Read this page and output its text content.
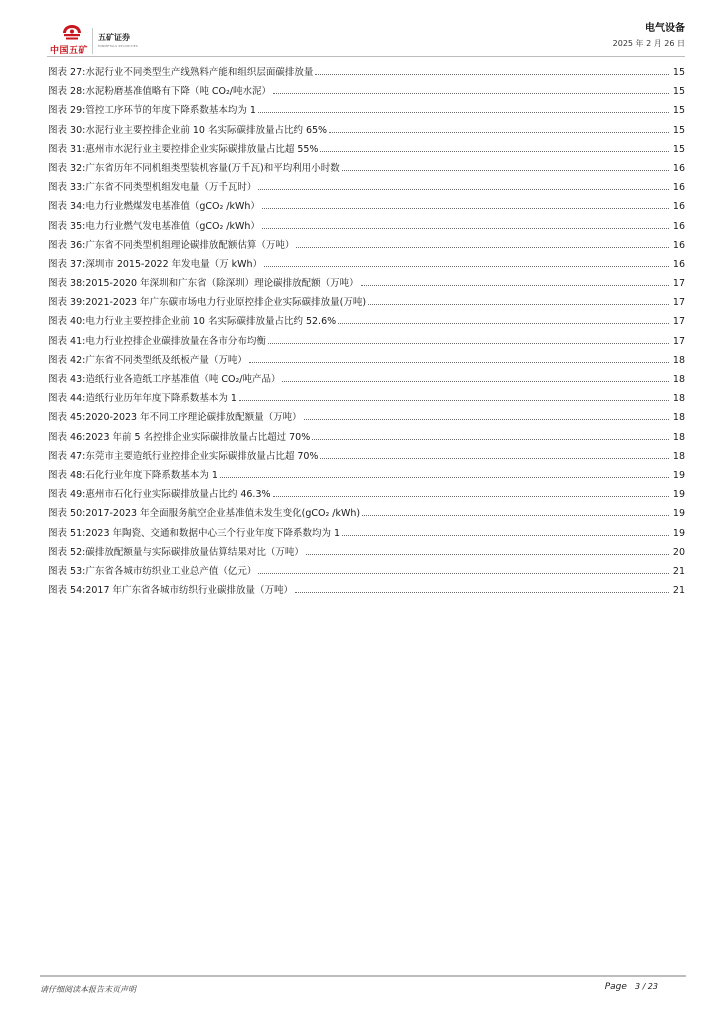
中国五矿
五矿证券
MINMETALS SECURITIES
电气设备
2025 年 2 月 26 日
图表 27: 水泥行业不同类型生产线熟料产能和组织层面碳排放量	15
图表 28: 水泥粉磨基准值略有下降（吨 CO₂/吨水泥）	15
图表 29: 管控工序环节的年度下降系数基本均为 1	15
图表 30: 水泥行业主要控排企业前 10 名实际碳排放量占比约 65%	15
图表 31: 惠州市水泥行业主要控排企业实际碳排放量占比超 55%	15
图表 32: 广东省历年不同机组类型装机容量(万千瓦)和平均利用小时数	16
图表 33: 广东省不同类型机组发电量（万千瓦时）	16
图表 34: 电力行业燃煤发电基准值（gCO₂ /kWh）	16
图表 35: 电力行业燃气发电基准值（gCO₂ /kWh）	16
图表 36: 广东省不同类型机组理论碳排放配额估算（万吨）	16
图表 37: 深圳市 2015-2022 年发电量（万 kWh）	16
图表 38: 2015-2020 年深圳和广东省（除深圳）理论碳排放配额（万吨）	17
图表 39: 2021-2023 年广东碳市场电力行业原控排企业实际碳排放量(万吨)	17
图表 40: 电力行业主要控排企业前 10 名实际碳排放量占比约 52.6%	17
图表 41: 电力行业控排企业碳排放量在各市分布均衡	17
图表 42: 广东省不同类型纸及纸板产量（万吨）	18
图表 43: 造纸行业各造纸工序基准值（吨 CO₂/吨产品）	18
图表 44: 造纸行业历年年度下降系数基本为 1	18
图表 45: 2020-2023 年不同工序理论碳排放配额量（万吨）	18
图表 46: 2023 年前 5 名控排企业实际碳排放量占比超过 70%	18
图表 47: 东莞市主要造纸行业控排企业实际碳排放量占比超 70%	18
图表 48: 石化行业年度下降系数基本为 1	19
图表 49: 惠州市石化行业实际碳排放量占比约 46.3%	19
图表 50: 2017-2023 年全面服务航空企业基准值未发生变化(gCO₂ /kWh)	19
图表 51: 2023 年陶瓷、交通和数据中心三个行业年度下降系数均为 1	19
图表 52: 碳排放配额量与实际碳排放量估算结果对比（万吨）	20
图表 53: 广东省各城市纺织业工业总产值（亿元）	21
图表 54: 2017 年广东省各城市纺织行业碳排放量（万吨）	21
请仔细阅读本报告末页声明	Page 3 / 23
